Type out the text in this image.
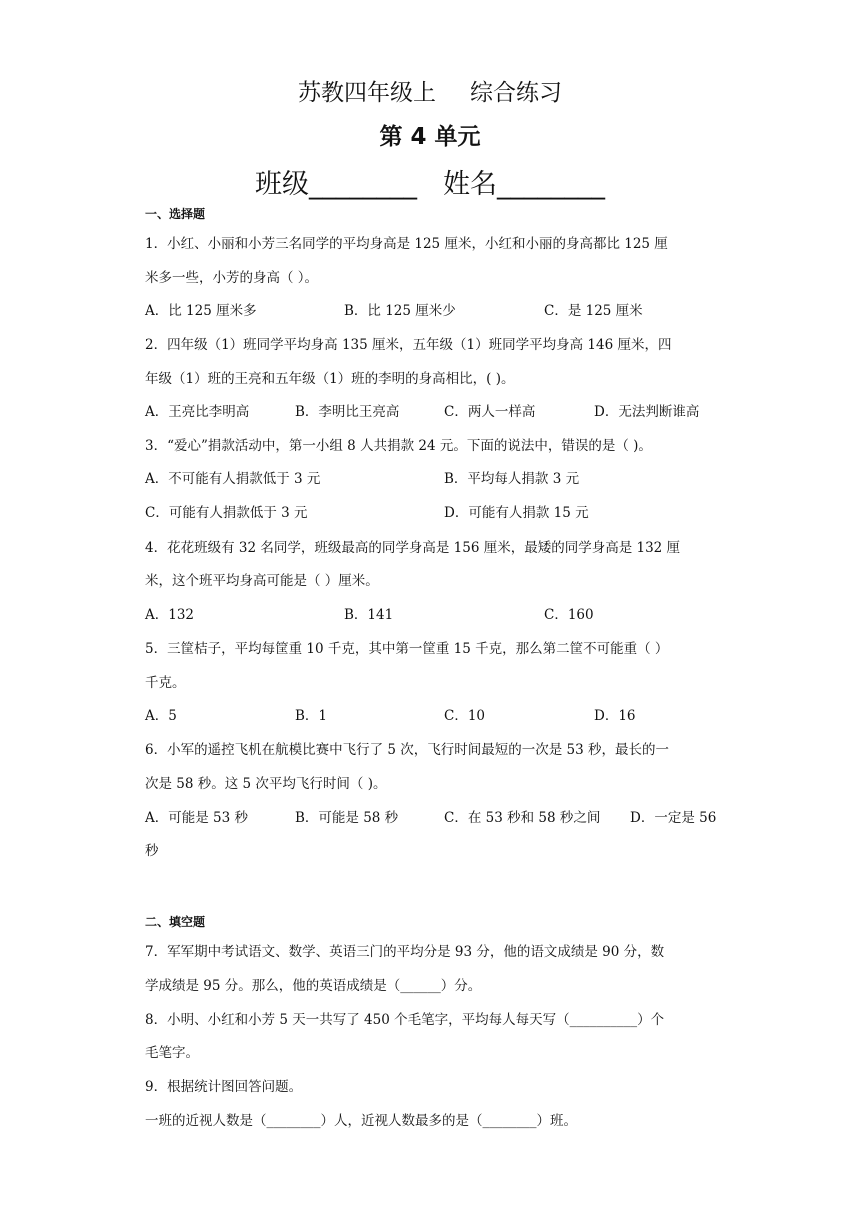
苏教四年级上 综合练习
第 4 单元
班级________ 姓名________
一、选择题
1．小红、小丽和小芳三名同学的平均身高是 125 厘米，小红和小丽的身高都比 125 厘
米多一些，小芳的身高（ ）。
A．比 125 厘米多	B．比 125 厘米少	C．是 125 厘米
2．四年级（1）班同学平均身高 135 厘米，五年级（1）班同学平均身高 146 厘米，四
年级（1）班的王亮和五年级（1）班的李明的身高相比，( )。
A．王亮比李明高	B．李明比王亮高	C．两人一样高	D．无法判断谁高
3．“爱心”捐款活动中，第一小组 8 人共捐款 24 元。下面的说法中，错误的是（ )。
A．不可能有人捐款低于 3 元	B．平均每人捐款 3 元
C．可能有人捐款低于 3 元	D．可能有人捐款 15 元
4．花花班级有 32 名同学，班级最高的同学身高是 156 厘米，最矮的同学身高是 132 厘
米，这个班平均身高可能是（ ）厘米。
A．132	B．141	C．160
5．三筐桔子，平均每筐重 10 千克，其中第一筐重 15 千克，那么第二筐不可能重（ ）
千克。
A．5	B．1	C．10	D．16
6．小军的遥控飞机在航模比赛中飞行了 5 次，飞行时间最短的一次是 53 秒，最长的一
次是 58 秒。这 5 次平均飞行时间（ )。
A．可能是 53 秒	B．可能是 58 秒	C．在 53 秒和 58 秒之间 D．一定是 56
秒
二、填空题
7．军军期中考试语文、数学、英语三门的平均分是 93 分，他的语文成绩是 90 分，数
学成绩是 95 分。那么，他的英语成绩是（______）分。
8．小明、小红和小芳 5 天一共写了 450 个毛笔字，平均每人每天写（__________）个
毛笔字。
9．根据统计图回答问题。
一班的近视人数是（________）人，近视人数最多的是（________）班。
